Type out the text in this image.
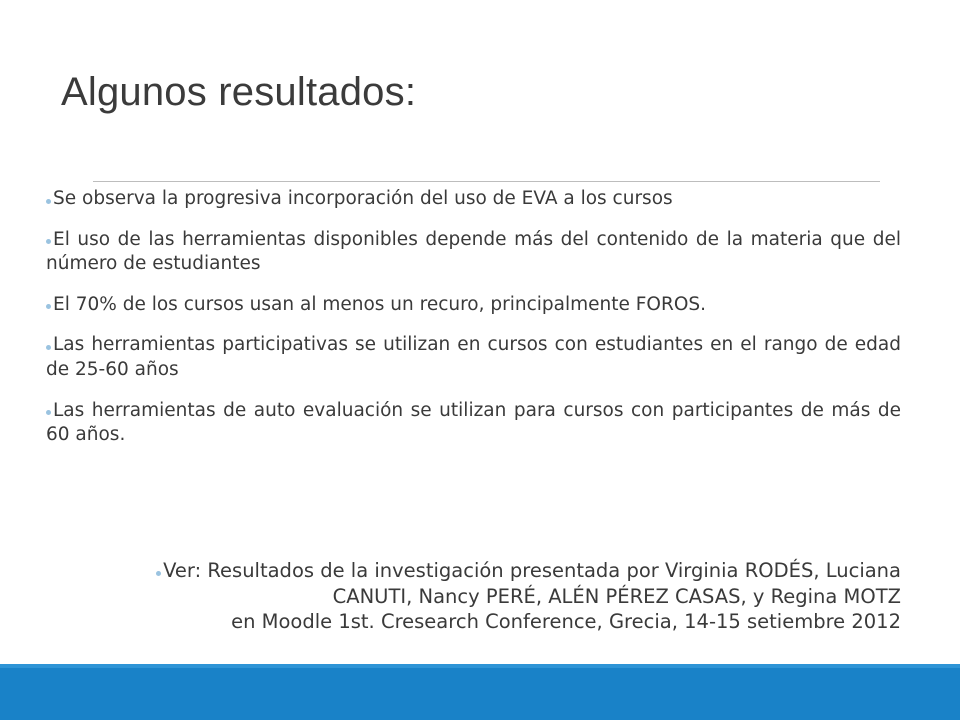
Algunos resultados:
Se observa la progresiva incorporación del uso de EVA a los cursos
El uso de las herramientas disponibles depende más del contenido de la materia que del número de estudiantes
El 70% de los cursos usan al menos un recuro, principalmente FOROS.
Las herramientas participativas se utilizan en cursos con estudiantes en el rango de edad de 25-60 años
Las herramientas de auto evaluación se utilizan para cursos con participantes de más de 60 años.
Ver: Resultados de la investigación presentada por Virginia RODÉS, Luciana
CANUTI, Nancy PERÉ, ALÉN PÉREZ CASAS, y Regina MOTZ
en Moodle 1st. Cresearch Conference, Grecia, 14-15 setiembre 2012
